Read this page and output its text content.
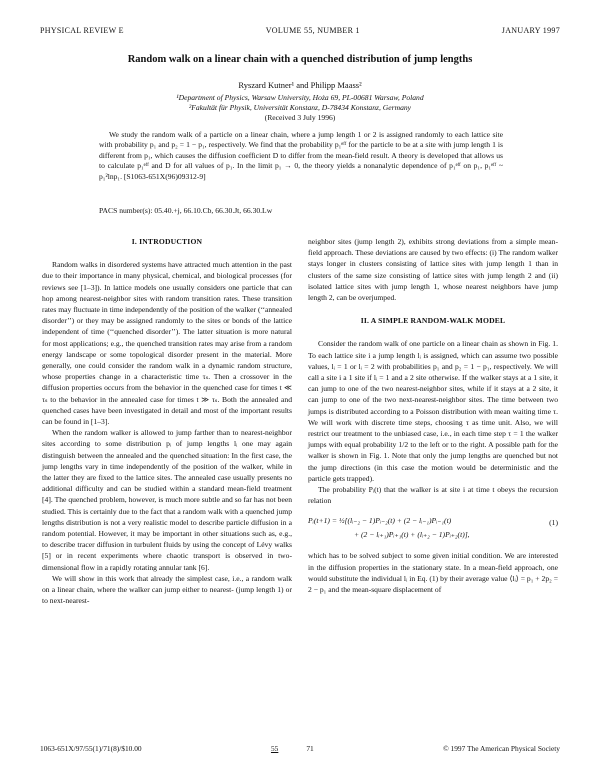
PHYSICAL REVIEW E	VOLUME 55, NUMBER 1	JANUARY 1997
Random walk on a linear chain with a quenched distribution of jump lengths
Ryszard Kutner¹ and Philipp Maass²
¹Department of Physics, Warsaw University, Hoża 69, PL-00681 Warsaw, Poland
²Fakultät für Physik, Universität Konstanz, D-78434 Konstanz, Germany
(Received 3 July 1996)

We study the random walk of a particle on a linear chain, where a jump length 1 or 2 is assigned randomly to each lattice site with probability p₁ and p₂ = 1 − p₁, respectively. We find that the probability p₁ᵉᶠᶠ for the particle to be at a site with jump length 1 is different from p₁, which causes the diffusion coefficient D to differ from the mean-field result. A theory is developed that allows us to calculate p₁ᵉᶠᶠ and D for all values of p₁. In the limit p₁ → 0, the theory yields a nonanalytic dependence of p₁ᵉᶠᶠ on p₁, p₁ᵉᶠᶠ ~ p₁²lnp₁. [S1063-651X(96)09312-9]

PACS number(s): 05.40.+j, 66.10.Cb, 66.30.Jt, 66.30.Lw
I. INTRODUCTION

Random walks in disordered systems have attracted much attention in the past due to their importance in many physical, chemical, and biological processes (for reviews see [1–3]). In lattice models one usually considers one particle that can hop among nearest-neighbor sites with random transition rates. These transition rates may fluctuate in time independently of the position of the walker (‘‘annealed disorder’’) or they may be assigned randomly to the sites or bonds of the lattice independent of time (‘‘quenched disorder’’). The latter situation is more natural for most applications; e.g., the quenched transition rates may arise from a random energy landscape or some topological disorder present in the material. More generally, one could consider the random walk in a dynamic random structure, whose properties change in a characteristic time τₛ. Then a crossover in the diffusion properties occurs from the behavior in the quenched case for times t ≪ τₛ to the behavior in the annealed case for times t ≫ τₛ. Both the annealed and quenched cases have been investigated in detail and most of the important results can be found in [1–3].

When the random walker is allowed to jump farther than to nearest-neighbor sites according to some distribution pᵢ of jump lengths lᵢ one may again distinguish between the annealed and the quenched situation: In the first case, the jump lengths vary in time independently of the position of the walker, while in the latter they are fixed to the lattice sites. The annealed case usually presents no additional difficulty and can be studied within a standard mean-field treatment [4]. The quenched problem, however, is much more subtle and so far has not been studied. This is certainly due to the fact that a random walk with a quenched jump lengths distribution is not a very realistic model to describe particle diffusion in a random potential. However, it may be important in other situations such as, e.g., to describe tracer diffusion in turbulent fluids by using the concept of Lévy walks [5] or in recent experiments where chaotic transport is observed in two-dimensional flow in a rapidly rotating annular tank [6].

We will show in this work that already the simplest case, i.e., a random walk on a linear chain, where the walker can jump either to nearest- (jump length 1) or to next-nearest-

neighbor sites (jump length 2), exhibits strong deviations from a simple mean-field approach. These deviations are caused by two effects: (i) The random walker stays longer in clusters consisting of lattice sites with jump length 1 than in clusters of the same size consisting of lattice sites with jump length 2 and (ii) isolated lattice sites with jump length 1, whose nearest neighbors have jump length 2, can be overjumped.

II. A SIMPLE RANDOM-WALK MODEL

Consider the random walk of one particle on a linear chain as shown in Fig. 1. To each lattice site i a jump length lᵢ is assigned, which can assume two possible values, lᵢ = 1 or lᵢ = 2 with probabilities p₁ and p₂ = 1 − p₁, respectively. We will call a site i a 1 site if lᵢ = 1 and a 2 site otherwise. If the walker stays at a 1 site, it can jump to one of the two nearest-neighbor sites, while if it stays at a 2 site, it can jump to one of the two next-nearest-neighbor sites. The time between two jumps is distributed according to a Poisson distribution with mean waiting time τ. We will work with discrete time steps, choosing τ as time unit. Also, we will restrict our treatment to the unbiased case, i.e., in each time step τ = 1 the walker jumps with equal probability 1/2 to the left or to the right. A possible path for the walker is shown in Fig. 1. Note that only the jump lengths are quenched but not the jump directions (in this case the motion would be deterministic and the particle gets trapped).

The probability Pᵢ(t) that the walker is at site i at time t obeys the recursion relation

Pᵢ(t+1) = ½[(lᵢ₋₂ − 1)Pᵢ₋₂(t) + (2 − lᵢ₋₁)Pᵢ₋₁(t)
+ (2 − lᵢ₊₁)Pᵢ₊₁(t) + (lᵢ₊₂ − 1)Pᵢ₊₂(t)],
(1)

which has to be solved subject to some given initial condition. We are interested in the diffusion properties in the stationary state. In a mean-field approach, one would substitute the individual lᵢ in Eq. (1) by their average value ⟨lᵢ⟩ = p₁ + 2p₂ = 2 − p₁ and the mean-square displacement of

1063-651X/97/55(1)/71(8)/$10.00	55	71	© 1997 The American Physical Society
